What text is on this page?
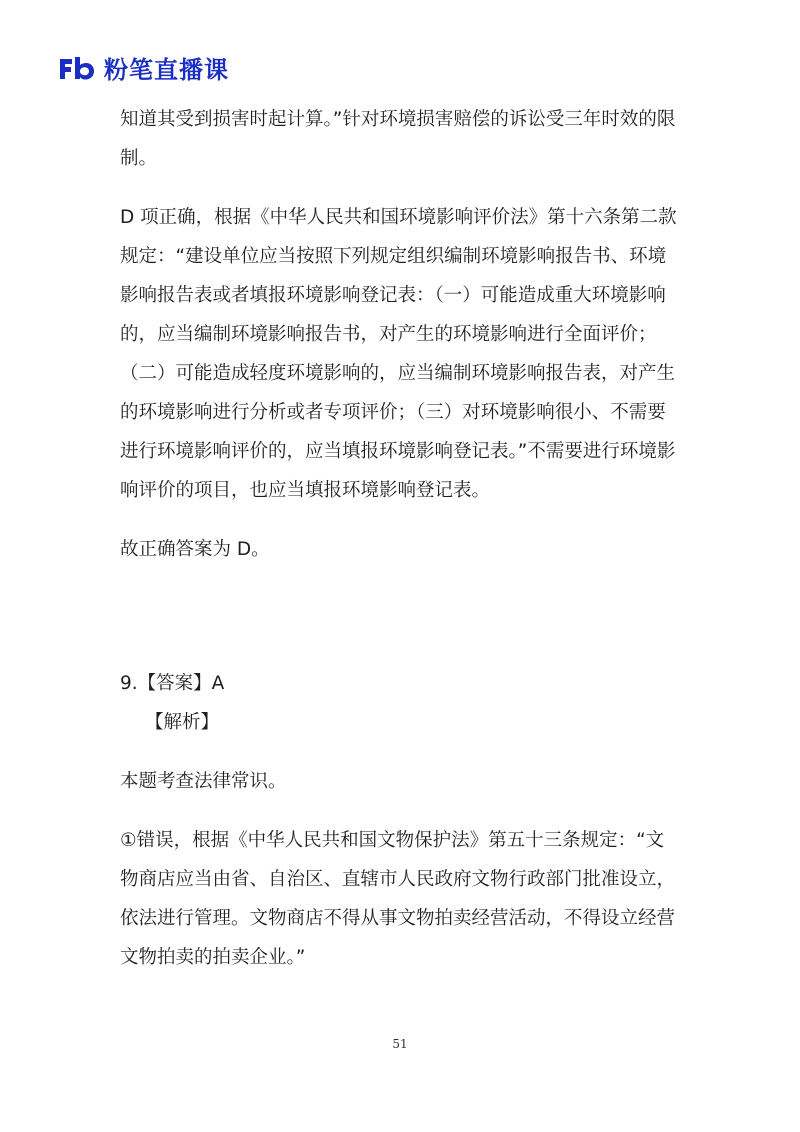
粉笔直播课

知道其受到损害时起计算。”针对环境损害赔偿的诉讼受三年时效的限制。

D 项正确，根据《中华人民共和国环境影响评价法》第十六条第二款规定：“建设单位应当按照下列规定组织编制环境影响报告书、环境影响报告表或者填报环境影响登记表：（一）可能造成重大环境影响的，应当编制环境影响报告书，对产生的环境影响进行全面评价；（二）可能造成轻度环境影响的，应当编制环境影响报告表，对产生的环境影响进行分析或者专项评价；（三）对环境影响很小、不需要进行环境影响评价的，应当填报环境影响登记表。”不需要进行环境影响评价的项目，也应当填报环境影响登记表。

故正确答案为 D。

9.【答案】A

【解析】

本题考查法律常识。

①错误，根据《中华人民共和国文物保护法》第五十三条规定：“文物商店应当由省、自治区、直辖市人民政府文物行政部门批准设立，依法进行管理。文物商店不得从事文物拍卖经营活动，不得设立经营文物拍卖的拍卖企业。”

51
